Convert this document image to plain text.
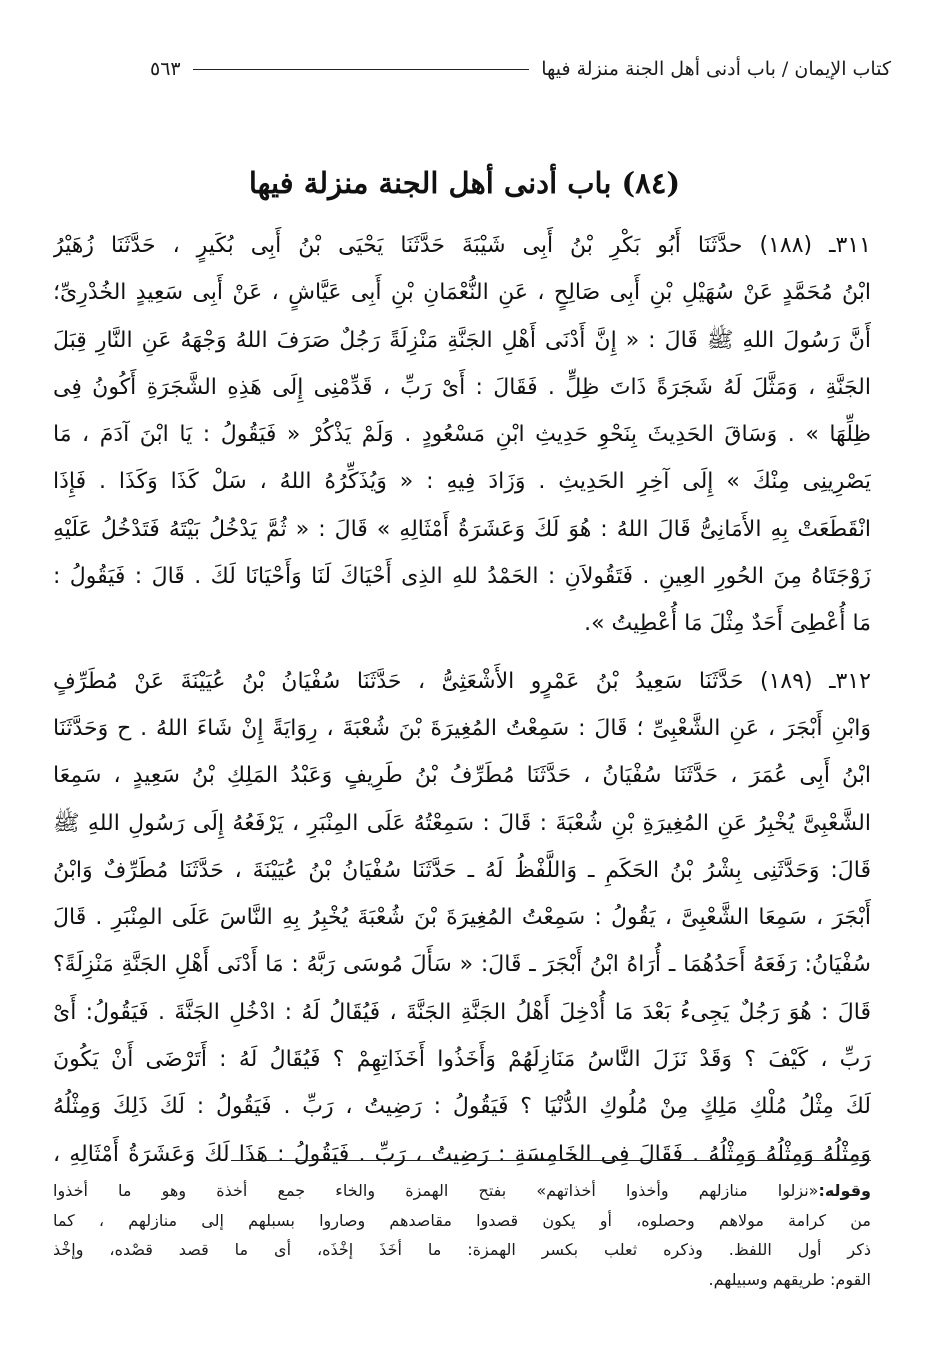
كتاب الإيمان / باب أدنى أهل الجنة منزلة فيها
٥٦٣
(٨٤) باب أدنى أهل الجنة منزلة فيها

٣١١ـ (١٨٨) حدَّثَنَا أَبُو بَكْرِ بْنُ أَبِى شَيْبَةَ حَدَّثَنَا يَحْيَى بْنُ أَبِى بُكَيرٍ ، حَدَّثَنَا زُهَيْرُ
ابْنُ مُحَمَّدٍ عَنْ سُهَيْلِ بْنِ أَبِى صَالِحٍ ، عَنِ النُّعْمَانِ بْنِ أَبِى عَيَّاشٍ ، عَنْ أَبِى سَعِيدٍ الخُدْرِىِّ؛
أَنَّ رَسُولَ اللهِ ﷺ قَالَ : « إِنَّ أَدْنَى أَهْلِ الجَنَّةِ مَنْزِلَةً رَجُلٌ صَرَفَ اللهُ وَجْهَهُ عَنِ النَّارِ قِبَلَ
الجَنَّةِ ، وَمَثَّلَ لَهُ شَجَرَةً ذَاتَ ظِلٍّ . فَقَالَ : أَىْ رَبِّ ، قَدِّمْنِى إِلَى هَذِهِ الشَّجَرَةِ أَكُونُ فِى
ظِلِّهَا » . وَسَاقَ الحَدِيثَ بِنَحْوِ حَدِيثِ ابْنِ مَسْعُودٍ . وَلَمْ يَذْكُرْ « فَيَقُولُ : يَا ابْنَ آدَمَ ، مَا
يَصْرِينِى مِنْكَ » إِلَى آخِرِ الحَدِيثِ . وَزَادَ فِيهِ : « وَيُذَكِّرُهُ اللهُ ، سَلْ كَذَا وَكَذَا . فَإِذَا
انْقَطَعَتْ بِهِ الأَمَانِىُّ قَالَ اللهُ : هُوَ لَكَ وَعَشَرَةُ أَمْثَالِهِ » قَالَ : « ثُمَّ يَدْخُلُ بَيْتَهُ فَتَدْخُلُ عَلَيْهِ
زَوْجَتَاهُ مِنَ الحُورِ العِينِ . فَتَقُولاَنِ : الحَمْدُ للهِ الذِى أَحْيَاكَ لَنَا وَأَحْيَانَا لَكَ . قَالَ : فَيَقُولُ :
مَا أُعْطِىَ أَحَدٌ مِثْلَ مَا أُعْطِيتُ ».

٣١٢ـ (١٨٩) حَدَّثَنَا سَعِيدُ بْنُ عَمْرٍو الأَشْعَثِىُّ ، حَدَّثَنَا سُفْيَانُ بْنُ عُيَيْنَةَ عَنْ مُطَرِّفٍ
وَابْنِ أَبْجَرَ ، عَنِ الشَّعْبِىِّ ؛ قَالَ : سَمِعْتُ المُغِيرَةَ بْنَ شُعْبَةَ ، رِوَايَةً إِنْ شَاءَ اللهُ . ح وَحَدَّثَنَا
ابْنُ أَبِى عُمَرَ ، حَدَّثَنَا سُفْيَانُ ، حَدَّثَنَا مُطَرِّفُ بْنُ طَرِيفٍ وَعَبْدُ المَلِكِ بْنُ سَعِيدٍ ، سَمِعَا
الشَّعْبِىَّ يُخْبِرُ عَنِ المُغِيرَةِ بْنِ شُعْبَةَ : قَالَ : سَمِعْتُهُ عَلَى المِنْبَرِ ، يَرْفَعُهُ إِلَى رَسُولِ اللهِ ﷺ
قَالَ: وَحَدَّثَنِى بِشْرُ بْنُ الحَكَمِ ـ وَاللَّفْظُ لَهُ ـ حَدَّثَنَا سُفْيَانُ بْنُ عُيَيْنَةَ ، حَدَّثَنَا مُطَرِّفٌ وَابْنُ
أَبْجَرَ ، سَمِعَا الشَّعْبِىَّ ، يَقُولُ : سَمِعْتُ المُغِيرَةَ بْنَ شُعْبَةَ يُخْبِرُ بِهِ النَّاسَ عَلَى المِنْبَرِ . قَالَ
سُفْيَانُ: رَفَعَهُ أَحَدُهُمَا ـ أُرَاهُ ابْنُ أَبْجَرَ ـ قَالَ: « سَأَلَ مُوسَى رَبَّهُ : مَا أَدْنَى أَهْلِ الجَنَّةِ مَنْزِلَةً؟
قَالَ : هُوَ رَجُلٌ يَجِىءُ بَعْدَ مَا أُدْخِلَ أَهْلُ الجَنَّةِ الجَنَّةَ ، فَيُقَالُ لَهُ : ادْخُلِ الجَنَّةَ . فَيَقُولُ: أَىْ
رَبِّ ، كَيْفَ ؟ وَقَدْ نَزَلَ النَّاسُ مَنَازِلَهُمْ وَأَخَذُوا أَخَذَاتِهِمْ ؟ فَيُقَالُ لَهُ : أَتَرْضَى أَنْ يَكُونَ
لَكَ مِثْلُ مُلْكِ مَلِكٍ مِنْ مُلُوكِ الدُّنْيَا ؟ فَيَقُولُ : رَضِيتُ ، رَبِّ . فَيَقُولُ : لَكَ ذَلِكَ وَمِثْلُهُ
وَمِثْلُهُ وَمِثْلُهُ وَمِثْلُهُ . فَقَالَ فِى الخَامِسَةِ : رَضِيتُ ، رَبِّ . فَيَقُولُ : هَذَا لَكَ وَعَشَرَةُ أَمْثَالِهِ ،

وقوله:«نزلوا منازلهم وأخذوا أخذاتهم» بفتح الهمزة والخاء جمع أخذة وهو ما أخذوا
من كرامة مولاهم وحصلوه، أو يكون قصدوا مقاصدهم وصاروا بسبلهم إلى منازلهم ، كما
ذكر أول اللفظ. وذكره ثعلب بكسر الهمزة: ما أخَذَ إخْذَه، أى ما قصد قصْده، وإخْذ
القوم: طريقهم وسبيلهم.
